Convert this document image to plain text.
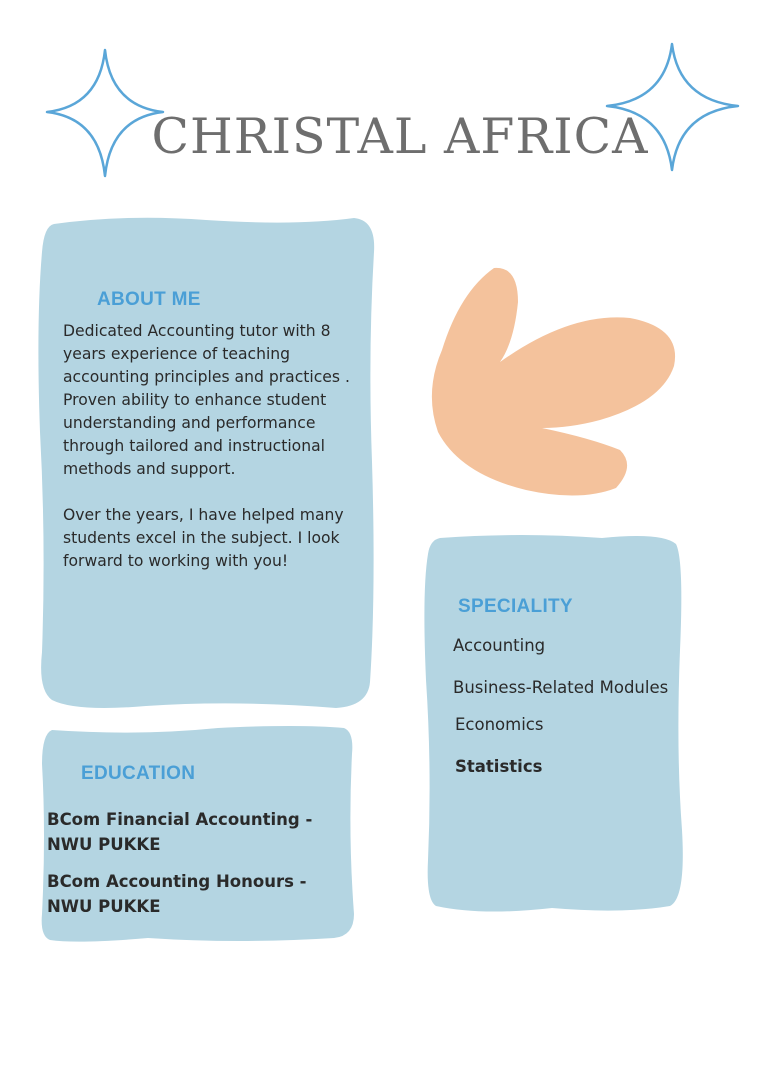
CHRISTAL AFRICA
ABOUT ME

Dedicated Accounting tutor with 8 years experience of teaching accounting principles and practices . Proven ability to enhance student understanding and performance through tailored and instructional methods and support.

Over the years, I have helped many students excel in the subject. I look forward to working with you!

EDUCATION
BCom Financial Accounting - NWU PUKKE
BCom Accounting Honours - NWU PUKKE
SPECIALITY
Accounting
Business-Related Modules
Economics
Statistics
